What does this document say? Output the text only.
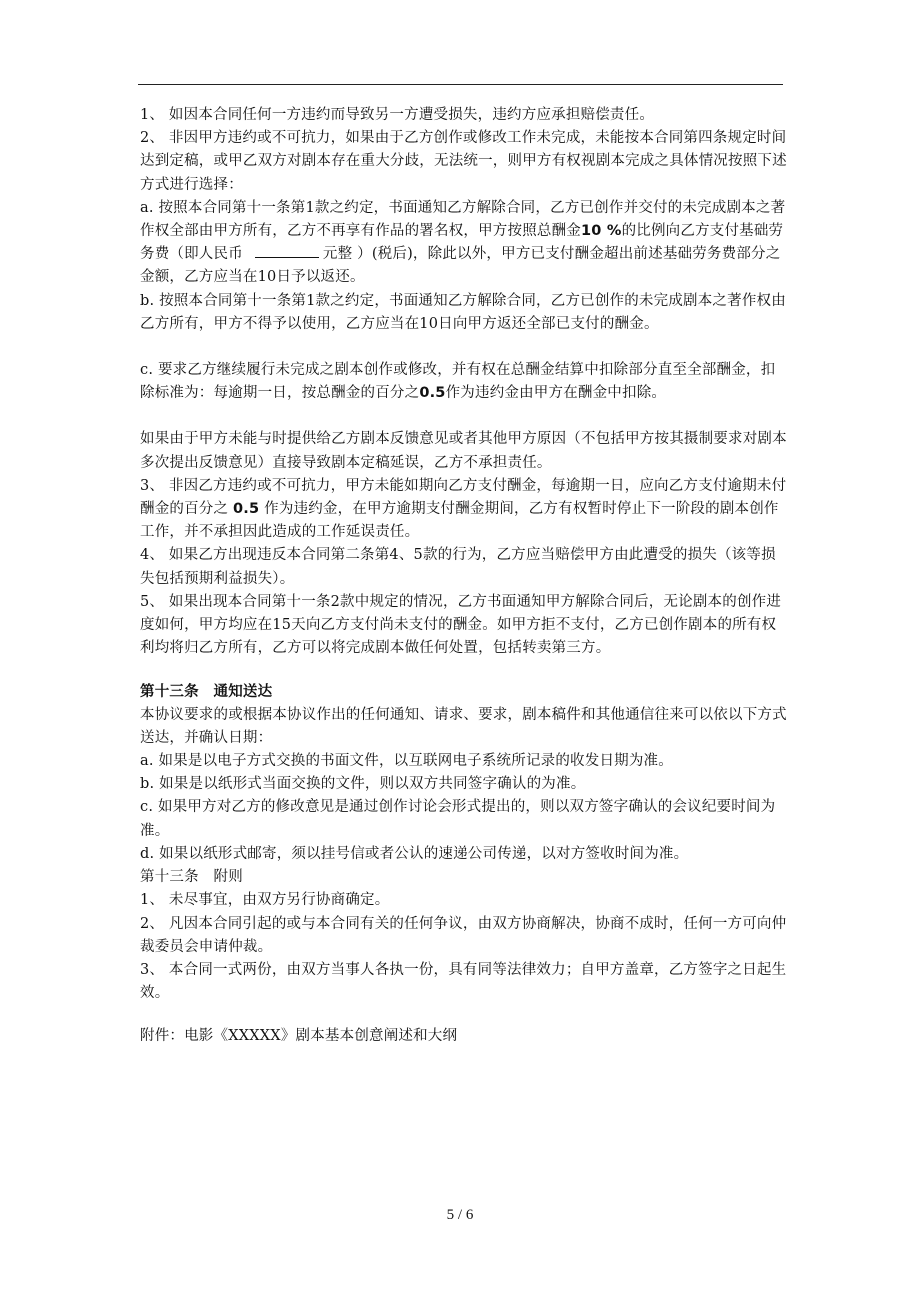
1、 如因本合同任何一方违约而导致另一方遭受损失，违约方应承担赔偿责任。

2、 非因甲方违约或不可抗力，如果由于乙方创作或修改工作未完成，未能按本合同第四条规定时间达到定稿，或甲乙双方对剧本存在重大分歧，无法统一，则甲方有权视剧本完成之具体情况按照下述方式进行选择：

a. 按照本合同第十一条第1款之约定，书面通知乙方解除合同，乙方已创作并交付的未完成剧本之著作权全部由甲方所有，乙方不再享有作品的署名权，甲方按照总酬金10 %的比例向乙方支付基础劳务费（即人民币	元整 ）(税后)，除此以外，甲方已支付酬金超出前述基础劳务费部分之金额，乙方应当在10日予以返还。

b. 按照本合同第十一条第1款之约定，书面通知乙方解除合同，乙方已创作的未完成剧本之著作权由乙方所有，甲方不得予以使用，乙方应当在10日向甲方返还全部已支付的酬金。

c. 要求乙方继续履行未完成之剧本创作或修改，并有权在总酬金结算中扣除部分直至全部酬金，扣除标准为：每逾期一日，按总酬金的百分之0.5作为违约金由甲方在酬金中扣除。

如果由于甲方未能与时提供给乙方剧本反馈意见或者其他甲方原因（不包括甲方按其摄制要求对剧本多次提出反馈意见）直接导致剧本定稿延误，乙方不承担责任。

3、 非因乙方违约或不可抗力，甲方未能如期向乙方支付酬金，每逾期一日，应向乙方支付逾期未付酬金的百分之 0.5 作为违约金，在甲方逾期支付酬金期间，乙方有权暂时停止下一阶段的剧本创作工作，并不承担因此造成的工作延误责任。

4、 如果乙方出现违反本合同第二条第4、5款的行为，乙方应当赔偿甲方由此遭受的损失（该等损失包括预期利益损失）。

5、 如果出现本合同第十一条2款中规定的情况，乙方书面通知甲方解除合同后，无论剧本的创作进度如何，甲方均应在15天向乙方支付尚未支付的酬金。如甲方拒不支付，乙方已创作剧本的所有权利均将归乙方所有，乙方可以将完成剧本做任何处置，包括转卖第三方。

第十三条　通知送达

本协议要求的或根据本协议作出的任何通知、请求、要求，剧本稿件和其他通信往来可以依以下方式送达，并确认日期：

a. 如果是以电子方式交换的书面文件，以互联网电子系统所记录的收发日期为准。

b. 如果是以纸形式当面交换的文件，则以双方共同签字确认的为准。

c. 如果甲方对乙方的修改意见是通过创作讨论会形式提出的，则以双方签字确认的会议纪要时间为准。

d. 如果以纸形式邮寄，须以挂号信或者公认的速递公司传递，以对方签收时间为准。

第十三条　附则

1、 未尽事宜，由双方另行协商确定。

2、 凡因本合同引起的或与本合同有关的任何争议，由双方协商解决，协商不成时，任何一方可向仲裁委员会申请仲裁。

3、 本合同一式两份，由双方当事人各执一份，具有同等法律效力；自甲方盖章，乙方签字之日起生效。

附件：电影《XXXXX》剧本基本创意阐述和大纲

5 / 6
